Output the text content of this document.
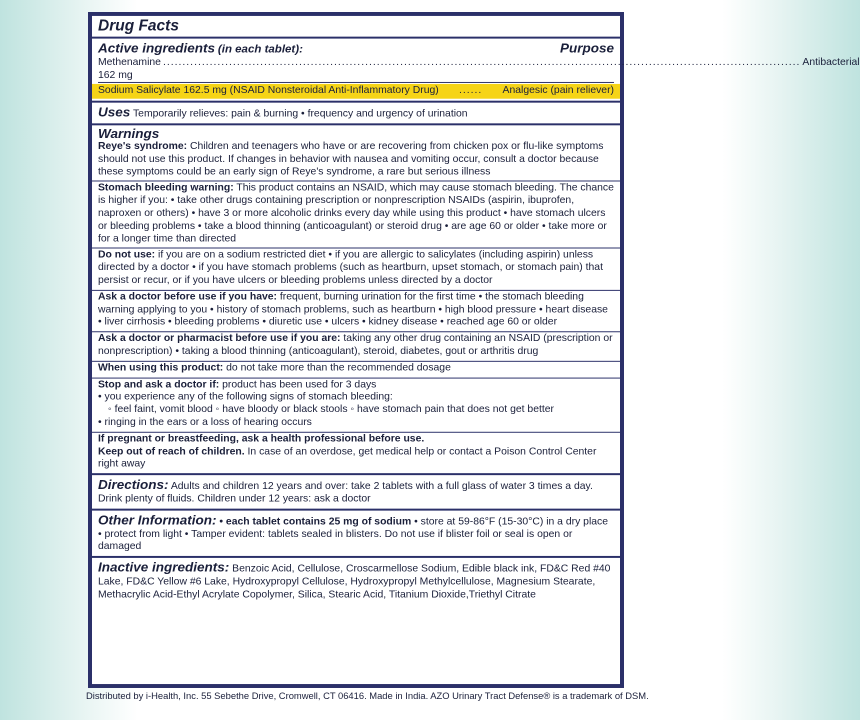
Drug Facts
Active ingredients (in each tablet):	Purpose
Methenamine 162 mg
.................................................................................................................................................................... Antibacterial
Sodium Salicylate 162.5 mg (NSAID Nonsteroidal Anti-Inflammatory Drug) ...... Analgesic (pain reliever)
Uses Temporarily relieves: pain & burning • frequency and urgency of urination
Warnings

Reye's syndrome: Children and teenagers who have or are recovering from chicken pox or flu-like symptoms should not use this product. If changes in behavior with nausea and vomiting occur, consult a doctor because these symptoms could be an early sign of Reye's syndrome, a rare but serious illness

Stomach bleeding warning: This product contains an NSAID, which may cause stomach bleeding. The chance is higher if you: • take other drugs containing prescription or nonprescription NSAIDs (aspirin, ibuprofen, naproxen or others) • have 3 or more alcoholic drinks every day while using this product • have stomach ulcers or bleeding problems • take a blood thinning (anticoagulant) or steroid drug • are age 60 or older • take more or for a longer time than directed

Do not use: if you are on a sodium restricted diet • if you are allergic to salicylates (including aspirin) unless directed by a doctor • if you have stomach problems (such as heartburn, upset stomach, or stomach pain) that persist or recur, or if you have ulcers or bleeding problems unless directed by a doctor

Ask a doctor before use if you have: frequent, burning urination for the first time • the stomach bleeding warning applying to you • history of stomach problems, such as heartburn • high blood pressure • heart disease • liver cirrhosis • bleeding problems • diuretic use • ulcers • kidney disease • reached age 60 or older

Ask a doctor or pharmacist before use if you are: taking any other drug containing an NSAID (prescription or nonprescription) • taking a blood thinning (anticoagulant), steroid, diabetes, gout or arthritis drug

When using this product: do not take more than the recommended dosage

Stop and ask a doctor if: product has been used for 3 days

• you experience any of the following signs of stomach bleeding:

◦ feel faint, vomit blood ◦ have bloody or black stools ◦ have stomach pain that does not get better

• ringing in the ears or a loss of hearing occurs

If pregnant or breastfeeding, ask a health professional before use.

Keep out of reach of children. In case of an overdose, get medical help or contact a Poison Control Center right away

Directions: Adults and children 12 years and over: take 2 tablets with a full glass of water 3 times a day. Drink plenty of fluids. Children under 12 years: ask a doctor
Other Information: • each tablet contains 25 mg of sodium • store at 59-86°F (15-30°C) in a dry place • protect from light • Tamper evident: tablets sealed in blisters. Do not use if blister foil or seal is open or damaged
Inactive ingredients: Benzoic Acid, Cellulose, Croscarmellose Sodium, Edible black ink, FD&C Red #40 Lake, FD&C Yellow #6 Lake, Hydroxypropyl Cellulose, Hydroxypropyl Methylcellulose, Magnesium Stearate, Methacrylic Acid-Ethyl Acrylate Copolymer, Silica, Stearic Acid, Titanium Dioxide,Triethyl Citrate
Distributed by i-Health, Inc. 55 Sebethe Drive, Cromwell, CT 06416. Made in India. AZO Urinary Tract Defense® is a trademark of DSM.
